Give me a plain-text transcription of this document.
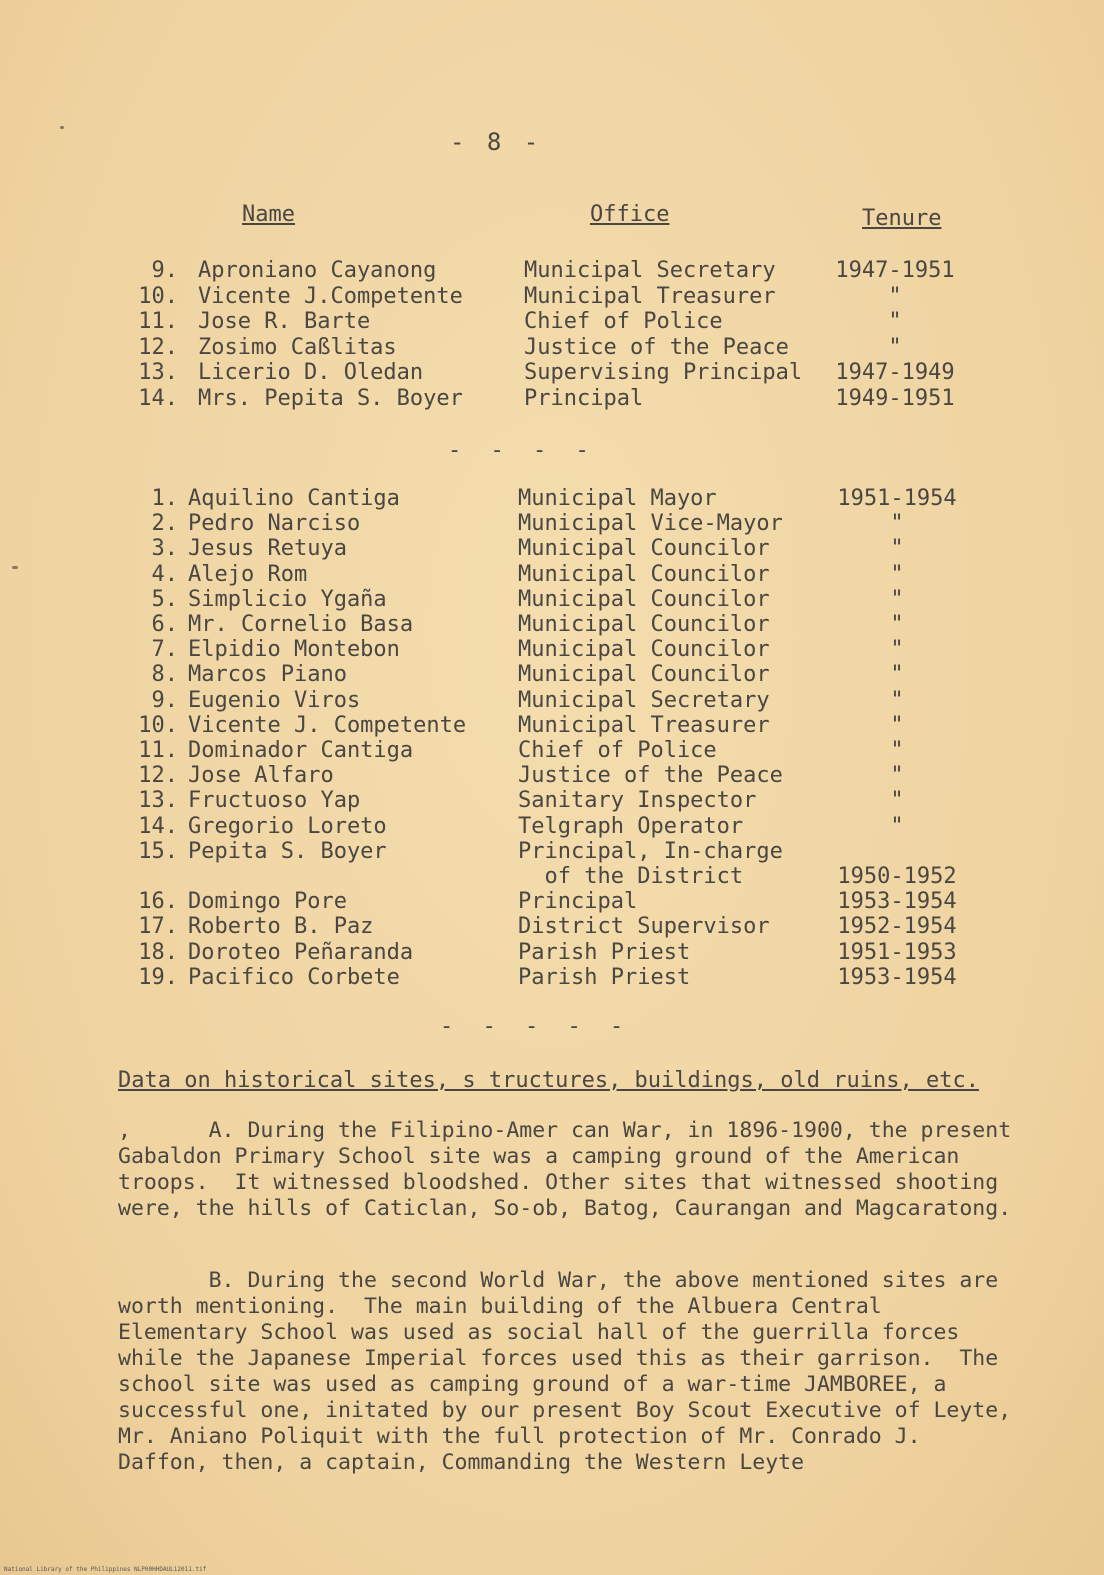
- 8 -
Name	Office	Tenure
9. Aproniano Cayanong	Municipal Secretary	1947-1951
10. Vicente J.Competente	Municipal Treasurer	"
11. Jose R. Barte	Chief of Police	"
12. Zosimo Caßlitas	Justice of the Peace	"
13. Licerio D. Oledan	Supervising Principal	1947-1949
14. Mrs. Pepita S. Boyer	Principal	1949-1951
- - - -
1. Aquilino Cantiga	Municipal Mayor	1951-1954
2. Pedro Narciso	Municipal Vice-Mayor	"
3. Jesus Retuya	Municipal Councilor	"
4. Alejo Rom	Municipal Councilor	"
5. Simplicio Ygaña	Municipal Councilor	"
6. Mr. Cornelio Basa	Municipal Councilor	"
7. Elpidio Montebon	Municipal Councilor	"
8. Marcos Piano	Municipal Councilor	"
9. Eugenio Viros	Municipal Secretary	"
10. Vicente J. Competente Municipal Treasurer	"
11. Dominador Cantiga	Chief of Police	"
12. Jose Alfaro	Justice of the Peace	"
13. Fructuoso Yap	Sanitary Inspector	"
14. Gregorio Loreto	Telgraph Operator	"
15. Pepita S. Boyer	Principal, In-charge
of the District	1950-1952
16. Domingo Pore	Principal	1953-1954
17. Roberto B. Paz	District Supervisor	1952-1954
18. Doroteo Peñaranda	Parish Priest	1951-1953
19. Pacifico Corbete	Parish Priest	1953-1954
- - - - -
Data on historical sites, s tructures, buildings, old ruins, etc.
,      A. During the Filipino-Amer can War, in 1896-1900, the present Gabaldon Primary School site was a camping ground of the American troops.  It witnessed bloodshed. Other sites that witnessed shooting were, the hills of Caticlan, So-ob, Batog, Caurangan and Magcaratong.
B. During the second World War, the above mentioned sites are worth mentioning.  The main building of the Albuera Central Elementary School was used as social hall of the guerrilla forces while the Japanese Imperial forces used this as their garrison.  The school site was used as camping ground of a war-time JAMBOREE, a successful one, initated by our present Boy Scout Executive of Leyte, Mr. Aniano Poliquit with the full protection of Mr. Conrado J. Daffon, then, a captain, Commanding the Western Leyte
National Library of the Philippines NLP00HHDAUL12011.tif
